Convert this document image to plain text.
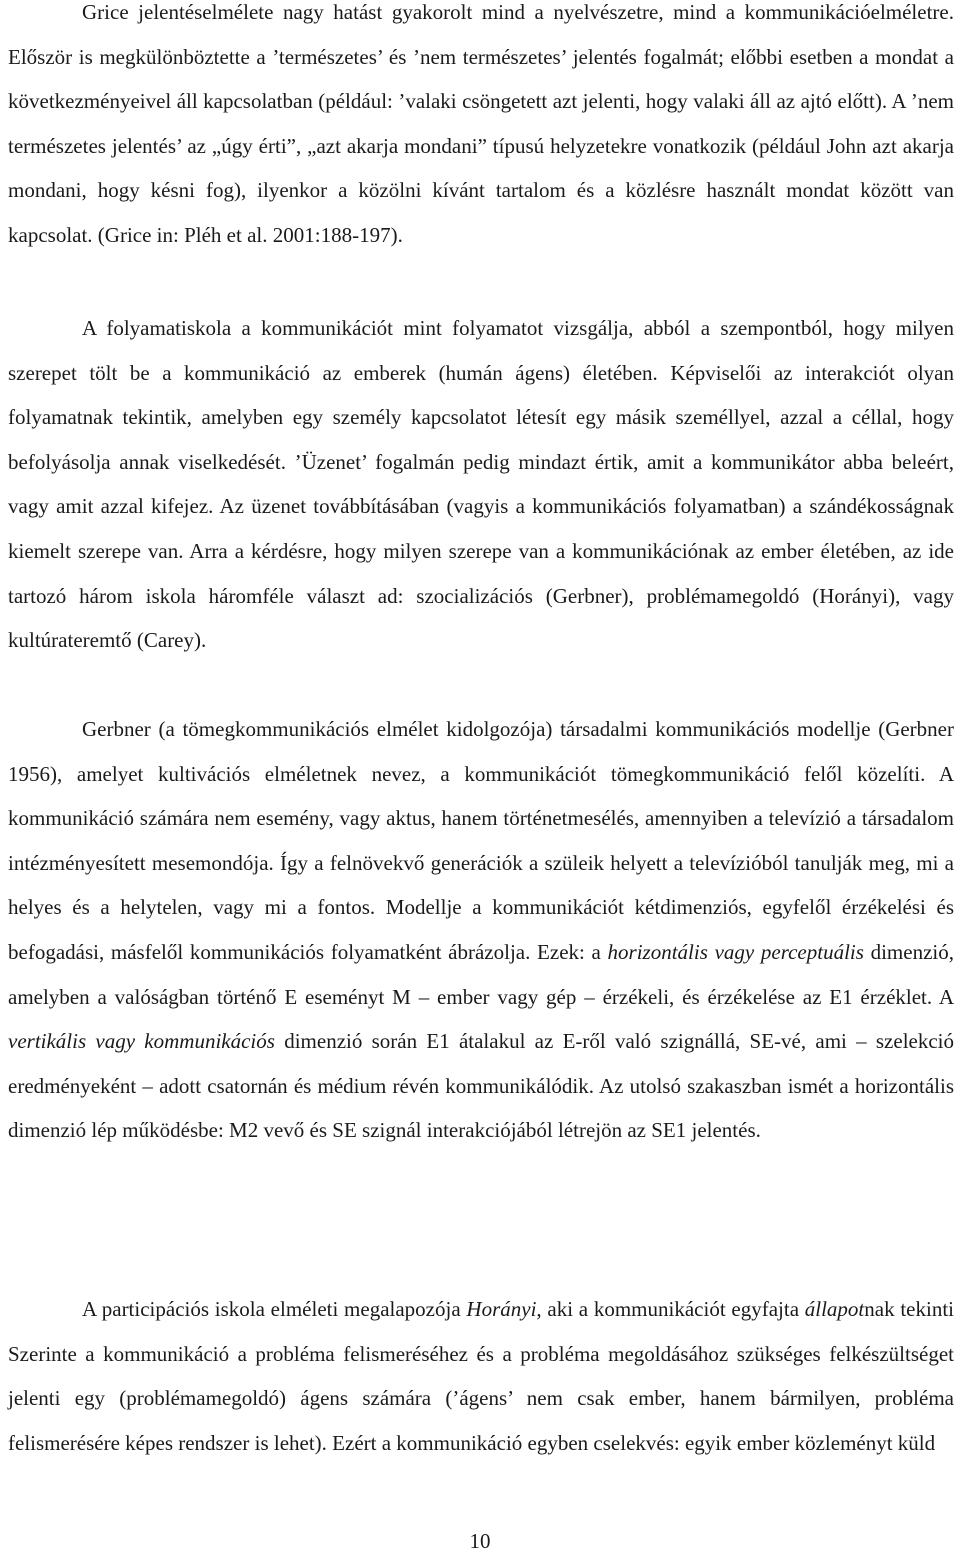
Grice jelentéselmélete nagy hatást gyakorolt mind a nyelvészetre, mind a kommunikációelméletre. Először is megkülönböztette a ’természetes’ és ’nem természetes’ jelentés fogalmát; előbbi esetben a mondat a következményeivel áll kapcsolatban (például: ’valaki csöngetett azt jelenti, hogy valaki áll az ajtó előtt). A ’nem természetes jelentés’ az „úgy érti”, „azt akarja mondani” típusú helyzetekre vonatkozik (például John azt akarja mondani, hogy késni fog), ilyenkor a közölni kívánt tartalom és a közlésre használt mondat között van kapcsolat. (Grice in: Pléh et al. 2001:188-197).

A folyamatiskola a kommunikációt mint folyamatot vizsgálja, abból a szempontból, hogy milyen szerepet tölt be a kommunikáció az emberek (humán ágens) életében. Képviselői az interakciót olyan folyamatnak tekintik, amelyben egy személy kapcsolatot létesít egy másik személlyel, azzal a céllal, hogy befolyásolja annak viselkedését. ’Üzenet’ fogalmán pedig mindazt értik, amit a kommunikátor abba beleért, vagy amit azzal kifejez. Az üzenet továbbításában (vagyis a kommunikációs folyamatban) a szándékosságnak kiemelt szerepe van. Arra a kérdésre, hogy milyen szerepe van a kommunikációnak az ember életében, az ide tartozó három iskola háromféle választ ad: szocializációs (Gerbner), problémamegoldó (Horányi), vagy kultúrateremtő (Carey).

Gerbner (a tömegkommunikációs elmélet kidolgozója) társadalmi kommunikációs modellje (Gerbner 1956), amelyet kultivációs elméletnek nevez, a kommunikációt tömegkommunikáció felől közelíti. A kommunikáció számára nem esemény, vagy aktus, hanem történetmesélés, amennyiben a televízió a társadalom intézményesített mesemondója. Így a felnövekvő generációk a szüleik helyett a televízióból tanulják meg, mi a helyes és a helytelen, vagy mi a fontos. Modellje a kommunikációt kétdimenziós, egyfelől érzékelési és befogadási, másfelől kommunikációs folyamatként ábrázolja. Ezek: a horizontális vagy perceptuális dimenzió, amelyben a valóságban történő E eseményt M – ember vagy gép – érzékeli, és érzékelése az E1 érzéklet. A vertikális vagy kommunikációs dimenzió során E1 átalakul az E-ről való szignállá, SE-vé, ami – szelekció eredményeként – adott csatornán és médium révén kommunikálódik. Az utolsó szakaszban ismét a horizontális dimenzió lép működésbe: M2 vevő és SE szignál interakciójából létrejön az SE1 jelentés.

A participációs iskola elméleti megalapozója Horányi, aki a kommunikációt egyfajta állapotnak tekinti Szerinte a kommunikáció a probléma felismeréséhez és a probléma megoldásához szükséges felkészültséget jelenti egy (problémamegoldó) ágens számára (’ágens’ nem csak ember, hanem bármilyen, probléma felismerésére képes rendszer is lehet). Ezért a kommunikáció egyben cselekvés: egyik ember közleményt küld

10
